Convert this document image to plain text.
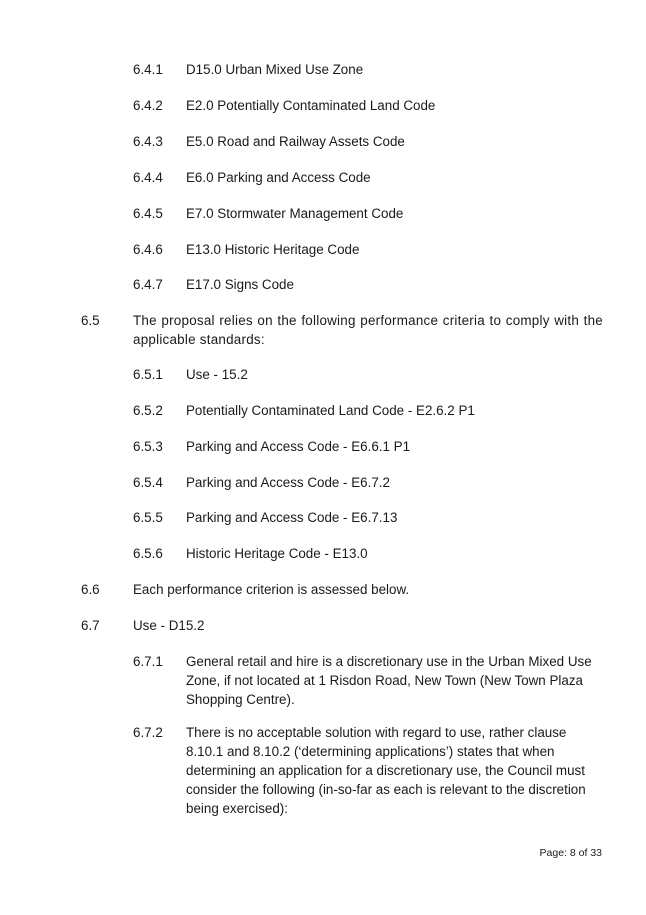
6.4.1 D15.0 Urban Mixed Use Zone
6.4.2 E2.0 Potentially Contaminated Land Code
6.4.3 E5.0 Road and Railway Assets Code
6.4.4 E6.0 Parking and Access Code
6.4.5 E7.0 Stormwater Management Code
6.4.6 E13.0 Historic Heritage Code
6.4.7 E17.0 Signs Code
6.5 The proposal relies on the following performance criteria to comply with the applicable standards:
6.5.1 Use - 15.2
6.5.2 Potentially Contaminated Land Code - E2.6.2 P1
6.5.3 Parking and Access Code - E6.6.1 P1
6.5.4 Parking and Access Code - E6.7.2
6.5.5 Parking and Access Code - E6.7.13
6.5.6 Historic Heritage Code - E13.0
6.6 Each performance criterion is assessed below.
6.7 Use - D15.2
6.7.1 General retail and hire is a discretionary use in the Urban Mixed Use Zone, if not located at 1 Risdon Road, New Town (New Town Plaza Shopping Centre).
6.7.2 There is no acceptable solution with regard to use, rather clause 8.10.1 and 8.10.2 (‘determining applications’) states that when determining an application for a discretionary use, the Council must consider the following (in-so-far as each is relevant to the discretion being exercised):
Page: 8 of 33
